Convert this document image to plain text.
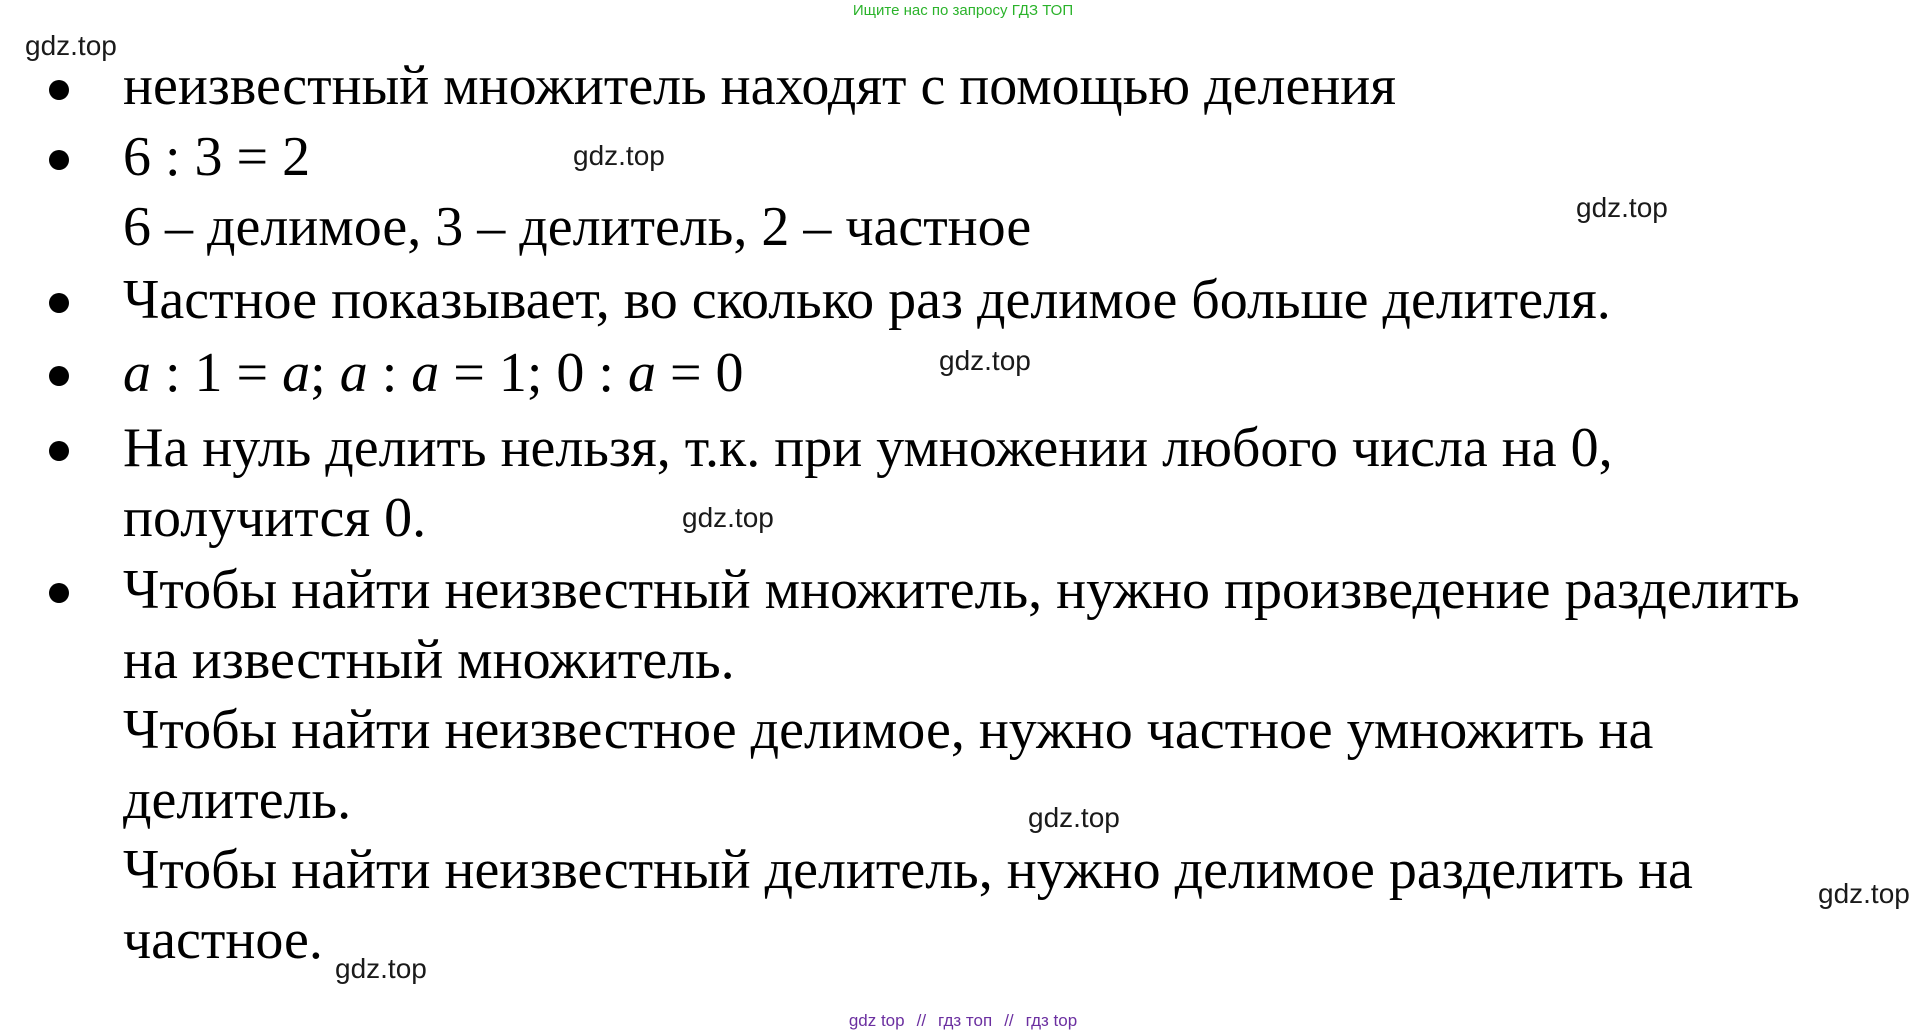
Ищите нас по запросу ГДЗ ТОП
gdz.top
gdz.top
gdz.top
gdz.top
gdz.top
gdz.top
gdz.top
gdz.top
неизвестный множитель находят с помощью деления
6 : 3 = 2
6 – делимое, 3 – делитель, 2 – частное
Частное показывает, во сколько раз делимое больше делителя.
a : 1 = a; a : a = 1; 0 : a = 0
На нуль делить нельзя, т.к. при умножении любого числа на 0,
получится 0.
Чтобы найти неизвестный множитель, нужно произведение разделить
на известный множитель.
Чтобы найти неизвестное делимое, нужно частное умножить на
делитель.
Чтобы найти неизвестный делитель, нужно делимое разделить на
частное.
gdz top // гдз топ // гдз top
